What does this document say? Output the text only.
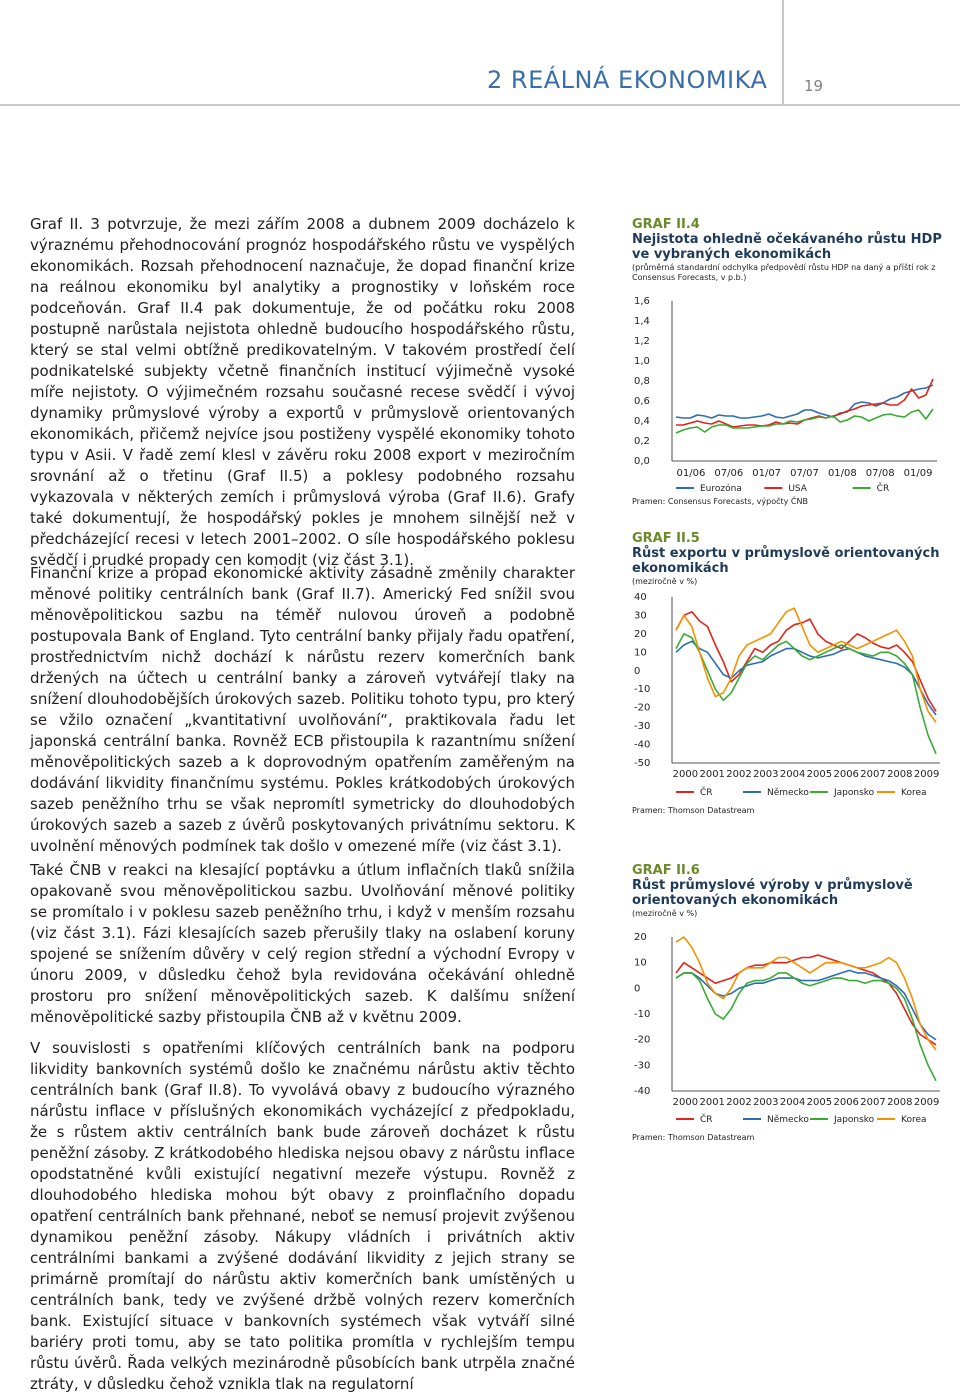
2 REÁLNÁ EKONOMIKA 19

Graf II. 3 potvrzuje, že mezi zářím 2008 a dubnem 2009 docházelo k výraznému přehodnocování prognóz hospodářského růstu ve vyspělých ekonomikách. Rozsah přehodnocení naznačuje, že dopad finanční krize na reálnou ekonomiku byl analytiky a prognostiky v loňském roce podceňován. Graf II.4 pak dokumentuje, že od počátku roku 2008 postupně narůstala nejistota ohledně budoucího hospodářského růstu, který se stal velmi obtížně predikovatelným. V takovém prostředí čelí podnikatelské subjekty včetně finančních institucí výjimečně vysoké míře nejistoty. O výjimečném rozsahu současné recese svědčí i vývoj dynamiky průmyslové výroby a exportů v průmyslově orientovaných ekonomikách, přičemž nejvíce jsou postiženy vyspělé ekonomiky tohoto typu v Asii. V řadě zemí klesl v závěru roku 2008 export v meziročním srovnání až o třetinu (Graf II.5) a poklesy podobného rozsahu vykazovala v některých zemích i průmyslová výroba (Graf II.6). Grafy také dokumentují, že hospodářský pokles je mnohem silnější než v předcházející recesi v letech 2001–2002. O síle hospodářského poklesu svědčí i prudké propady cen komodit (viz část 3.1).

Finanční krize a propad ekonomické aktivity zásadně změnily charakter měnové politiky centrálních bank (Graf II.7). Americký Fed snížil svou měnověpolitickou sazbu na téměř nulovou úroveň a podobně postupovala Bank of England. Tyto centrální banky přijaly řadu opatření, prostřednictvím nichž dochází k nárůstu rezerv komerčních bank držených na účtech u centrální banky a zároveň vytvářejí tlaky na snížení dlouhodobějších úrokových sazeb. Politiku tohoto typu, pro který se vžilo označení „kvantitativní uvolňování“, praktikovala řadu let japonská centrální banka. Rovněž ECB přistoupila k razantnímu snížení měnověpolitických sazeb a k doprovodným opatřením zaměřeným na dodávání likvidity finančnímu systému. Pokles krátkodobých úrokových sazeb peněžního trhu se však nepromítl symetricky do dlouhodobých úrokových sazeb a sazeb z úvěrů poskytovaných privátnímu sektoru. K uvolnění měnových podmínek tak došlo v omezené míře (viz část 3.1).

Také ČNB v reakci na klesající poptávku a útlum inflačních tlaků snížila opakovaně svou měnověpolitickou sazbu. Uvolňování měnové politiky se promítalo i v poklesu sazeb peněžního trhu, i když v menším rozsahu (viz část 3.1). Fázi klesajících sazeb přerušily tlaky na oslabení koruny spojené se snížením důvěry v celý region střední a východní Evropy v únoru 2009, v důsledku čehož byla revidována očekávání ohledně prostoru pro snížení měnověpolitických sazeb. K dalšímu snížení měnověpolitické sazby přistoupila ČNB až v květnu 2009.

V souvislosti s opatřeními klíčových centrálních bank na podporu likvidity bankovních systémů došlo ke značnému nárůstu aktiv těchto centrálních bank (Graf II.8). To vyvolává obavy z budoucího výrazného nárůstu inflace v příslušných ekonomikách vycházející z předpokladu, že s růstem aktiv centrálních bank bude zároveň docházet k růstu peněžní zásoby. Z krátkodobého hlediska nejsou obavy z nárůstu inflace opodstatněné kvůli existující negativní mezeře výstupu. Rovněž z dlouhodobého hlediska mohou být obavy z proinflačního dopadu opatření centrálních bank přehnané, neboť se nemusí projevit zvýšenou dynamikou peněžní zásoby. Nákupy vládních i privátních aktiv centrálními bankami a zvýšené dodávání likvidity z jejich strany se primárně promítají do nárůstu aktiv komerčních bank umístěných u centrálních bank, tedy ve zvýšené držbě volných rezerv komerčních bank. Existující situace v bankovních systémech však vytváří silné bariéry proti tomu, aby se tato politika promítla v rychlejším tempu růstu úvěrů. Řada velkých mezinárodně působících bank utrpěla značné ztráty, v důsledku čehož vznikla tlak na regulatorní

GRAF II.4
Nejistota ohledně očekávaného růstu HDP ve vybraných ekonomikách
(průměrná standardní odchylka předpovědí růstu HDP na daný a příští rok z Consensus Forecasts, v p.b.)
1,6
1,4
1,2
1,0
0,8
0,6
0,4
0,2
0,0
01/06 07/06 01/07 07/07 01/08 07/08 01/09
Eurozóna	USA	ČR
Pramen: Consensus Forecasts, výpočty ČNB
GRAF II.5
Růst exportu v průmyslově orientovaných ekonomikách
(meziročně v %)
40
30
20
10
0
-10
-20
-30
-40
-50
2000 2001 2002 2003 2004 2005 2006 2007 2008 2009
ČR	Německo	Japonsko	Korea
Pramen: Thomson Datastream
GRAF II.6
Růst průmyslové výroby v průmyslově orientovaných ekonomikách
(meziročně v %)
20
10
0
-10
-20
-30
-40
2000 2001 2002 2003 2004 2005 2006 2007 2008 2009
ČR	Německo	Japonsko	Korea
Pramen: Thomson Datastream
